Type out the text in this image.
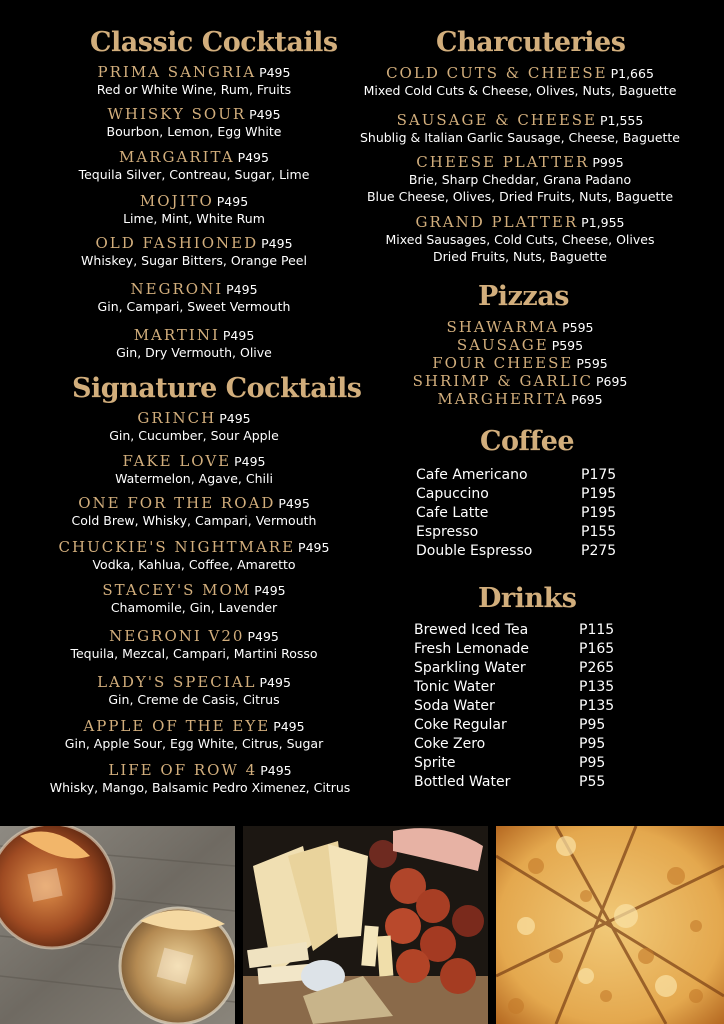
Classic Cocktails
PRIMA SANGRIA P495
Red or White Wine, Rum, Fruits
WHISKY SOUR P495
Bourbon, Lemon, Egg White
MARGARITA P495
Tequila Silver, Contreau, Sugar, Lime
MOJITO P495
Lime, Mint, White Rum
OLD FASHIONED P495
Whiskey, Sugar Bitters, Orange Peel
NEGRONI P495
Gin, Campari, Sweet Vermouth
MARTINI P495
Gin, Dry Vermouth, Olive
Signature Cocktails
GRINCH P495
Gin, Cucumber, Sour Apple
FAKE LOVE P495
Watermelon, Agave, Chili
ONE FOR THE ROAD P495
Cold Brew, Whisky, Campari, Vermouth
CHUCKIE'S NIGHTMARE P495
Vodka, Kahlua, Coffee, Amaretto
STACEY'S MOM P495
Chamomile, Gin, Lavender
NEGRONI V20 P495
Tequila, Mezcal, Campari, Martini Rosso
LADY'S SPECIAL P495
Gin, Creme de Casis, Citrus
APPLE OF THE EYE P495
Gin, Apple Sour, Egg White, Citrus, Sugar
LIFE OF ROW 4 P495
Whisky, Mango, Balsamic Pedro Ximenez, Citrus
Charcuteries
COLD CUTS & CHEESE P1,665
Mixed Cold Cuts & Cheese, Olives, Nuts, Baguette
SAUSAGE & CHEESE P1,555
Shublig & Italian Garlic Sausage, Cheese, Baguette
CHEESE PLATTER P995
Brie, Sharp Cheddar, Grana Padano
Blue Cheese, Olives, Dried Fruits, Nuts, Baguette
GRAND PLATTER P1,955
Mixed Sausages, Cold Cuts, Cheese, Olives
Dried Fruits, Nuts, Baguette
Pizzas
SHAWARMA P595
SAUSAGE P595
FOUR CHEESE P595
SHRIMP & GARLIC P695
MARGHERITA P695
Coffee
Cafe Americano	P175
Capuccino	P195
Cafe Latte	P195
Espresso	P155
Double Espresso	P275
Drinks
Brewed Iced Tea	P115
Fresh Lemonade	P165
Sparkling Water	P265
Tonic Water	P135
Soda Water	P135
Coke Regular	P95
Coke Zero	P95
Sprite	P95
Bottled Water	P55
